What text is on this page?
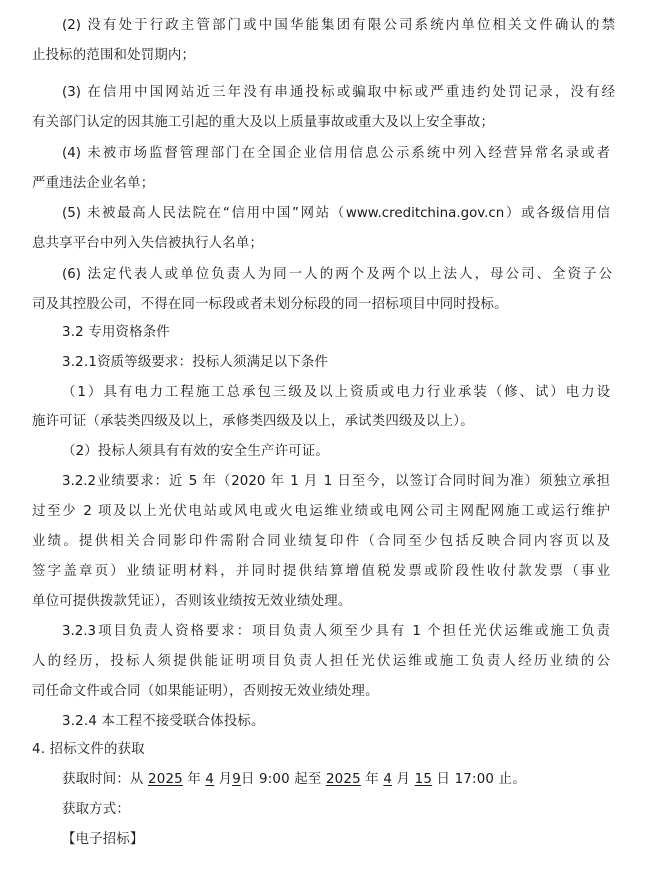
(2) 没有处于行政主管部门或中国华能集团有限公司系统内单位相关文件确认的禁
止投标的范围和处罚期内；
(3) 在信用中国网站近三年没有串通投标或骗取中标或严重违约处罚记录，没有经
有关部门认定的因其施工引起的重大及以上质量事故或重大及以上安全事故；
(4) 未被市场监督管理部门在全国企业信用信息公示系统中列入经营异常名录或者
严重违法企业名单；
(5) 未被最高人民法院在“信用中国”网站（www.creditchina.gov.cn）或各级信用信
息共享平台中列入失信被执行人名单；
(6) 法定代表人或单位负责人为同一人的两个及两个以上法人，母公司、全资子公
司及其控股公司，不得在同一标段或者未划分标段的同一招标项目中同时投标。
3.2 专用资格条件
3.2.1资质等级要求：投标人须满足以下条件
（1）具有电力工程施工总承包三级及以上资质或电力行业承装（修、试）电力设
施许可证（承装类四级及以上，承修类四级及以上，承试类四级及以上）。
（2）投标人须具有有效的安全生产许可证。
3.2.2业绩要求：近 5 年（2020 年 1 月 1 日至今，以签订合同时间为准）须独立承担
过至少 2 项及以上光伏电站或风电或火电运维业绩或电网公司主网配网施工或运行维护
业绩。提供相关合同影印件需附合同业绩复印件（合同至少包括反映合同内容页以及
签字盖章页）业绩证明材料，并同时提供结算增值税发票或阶段性收付款发票（事业
单位可提供拨款凭证），否则该业绩按无效业绩处理。
3.2.3项目负责人资格要求：项目负责人须至少具有 1 个担任光伏运维或施工负责
人的经历，投标人须提供能证明项目负责人担任光伏运维或施工负责人经历业绩的公
司任命文件或合同（如果能证明），否则按无效业绩处理。
3.2.4 本工程不接受联合体投标。
4. 招标文件的获取
获取时间：从 2025 年 4 月9日 9:00 起至 2025 年 4 月 15 日 17:00 止。
获取方式：
【电子招标】
